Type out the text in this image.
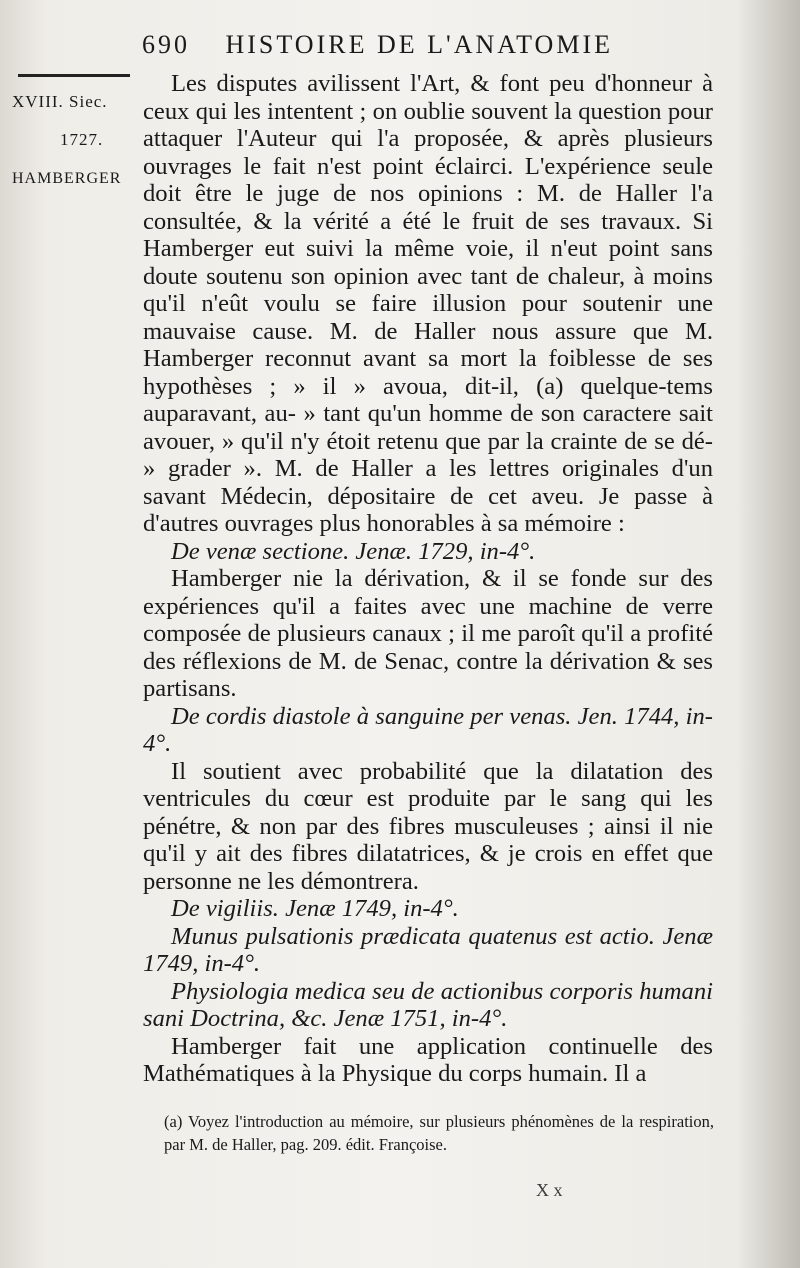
690 HISTOIRE DE L'ANATOMIE
XVIII. Siec.
1727.
HAMBERGER

Les disputes avilissent l'Art, & font peu d'honneur à ceux qui les intentent ; on oublie souvent la question pour attaquer l'Auteur qui l'a proposée, & après plusieurs ouvrages le fait n'est point éclairci. L'expérience seule doit être le juge de nos opinions : M. de Haller l'a consultée, & la vérité a été le fruit de ses travaux. Si Hamberger eut suivi la même voie, il n'eut point sans doute soutenu son opinion avec tant de chaleur, à moins qu'il n'eût voulu se faire illusion pour soutenir une mauvaise cause. M. de Haller nous assure que M. Hamberger reconnut avant sa mort la foiblesse de ses hypothèses ; » il » avoua, dit-il, (a) quelque-tems auparavant, au- » tant qu'un homme de son caractere sait avouer, » qu'il n'y étoit retenu que par la crainte de se dé- » grader ». M. de Haller a les lettres originales d'un savant Médecin, dépositaire de cet aveu. Je passe à d'autres ouvrages plus honorables à sa mémoire :

De venæ sectione. Jenæ. 1729, in-4°.

Hamberger nie la dérivation, & il se fonde sur des expériences qu'il a faites avec une machine de verre composée de plusieurs canaux ; il me paroît qu'il a profité des réflexions de M. de Senac, contre la dérivation & ses partisans.

De cordis diastole à sanguine per venas. Jen. 1744, in-4°.

Il soutient avec probabilité que la dilatation des ventricules du cœur est produite par le sang qui les pénétre, & non par des fibres musculeuses ; ainsi il nie qu'il y ait des fibres dilatatrices, & je crois en effet que personne ne les démontrera.

De vigiliis. Jenæ 1749, in-4°.

Munus pulsationis prædicata quatenus est actio. Jenæ 1749, in-4°.

Physiologia medica seu de actionibus corporis humani sani Doctrina, &c. Jenæ 1751, in-4°.

Hamberger fait une application continuelle des Mathématiques à la Physique du corps humain. Il a

(a) Voyez l'introduction au mémoire, sur plusieurs phénomènes de la respiration, par M. de Haller, pag. 209. édit. Françoise.
X x
